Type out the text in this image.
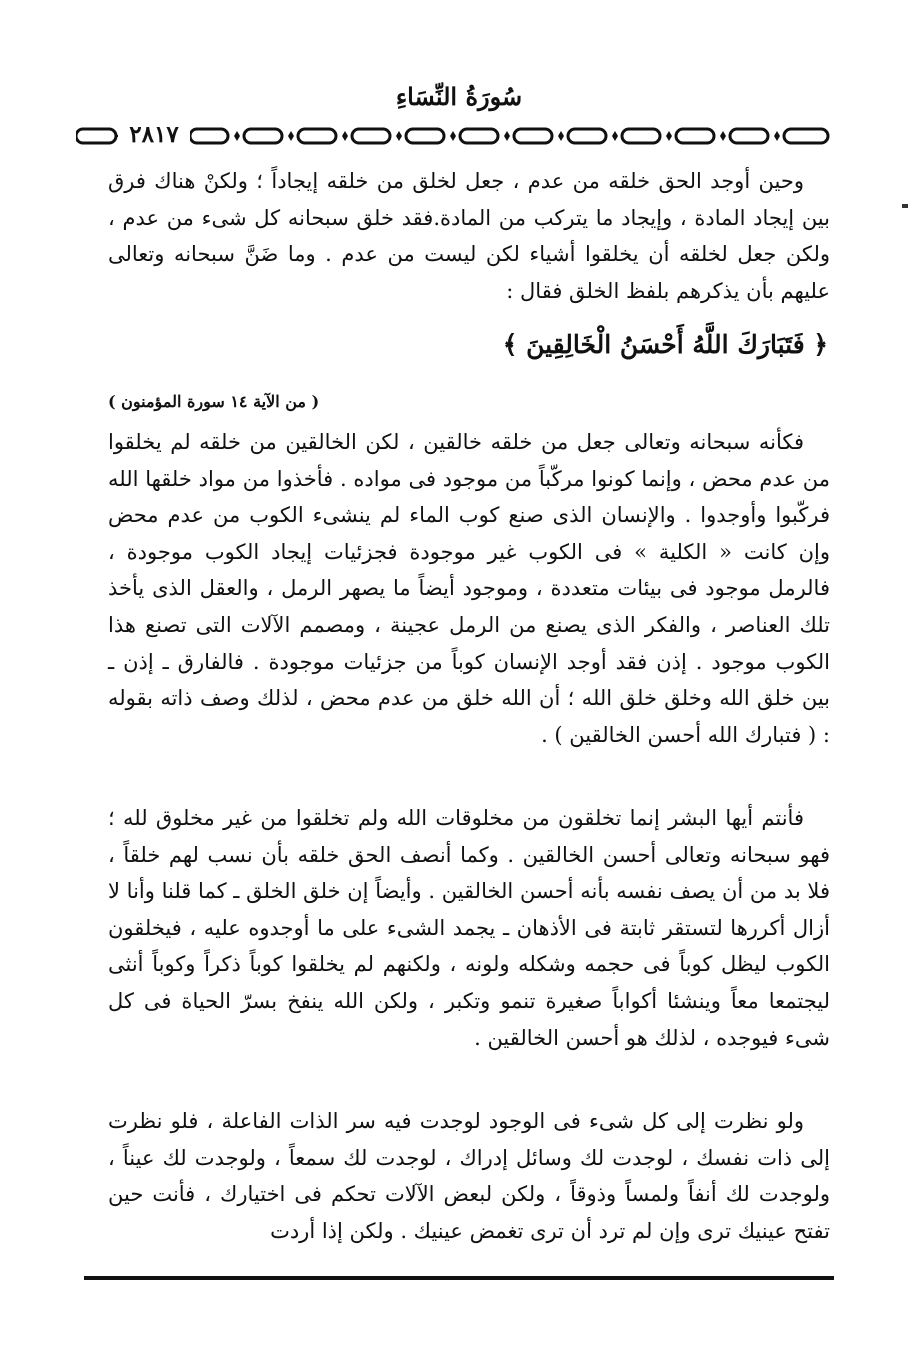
سُورَةُ النِّسَاءِ
٢٨١٧

وحين أوجد الحق خلقه من عدم ، جعل لخلق من خلقه إيجاداً ؛ ولكنْ هناك فرق بين إيجاد المادة ، وإيجاد ما يتركب من المادة.فقد خلق سبحانه كل شىء من عدم ، ولكن جعل لخلقه أن يخلقوا أشياء لكن ليست من عدم . وما ضَنَّ سبحانه وتعالى عليهم بأن يذكرهم بلفظ الخلق فقال :

﴿ فَتَبَارَكَ اللَّهُ أَحْسَنُ الْخَالِقِينَ ﴾
( من الآية ١٤ سورة المؤمنون )

فكأنه سبحانه وتعالى جعل من خلقه خالقين ، لكن الخالقين من خلقه لم يخلقوا من عدم محض ، وإنما كونوا مركّباً من موجود فى مواده . فأخذوا من مواد خلقها الله فركّبوا وأوجدوا . والإنسان الذى صنع كوب الماء لم ينشىء الكوب من عدم محض وإن كانت « الكلية » فى الكوب غير موجودة فجزئيات إيجاد الكوب موجودة ، فالرمل موجود فى بيئات متعددة ، وموجود أيضاً ما يصهر الرمل ، والعقل الذى يأخذ تلك العناصر ، والفكر الذى يصنع من الرمل عجينة ، ومصمم الآلات التى تصنع هذا الكوب موجود . إذن فقد أوجد الإنسان كوباً من جزئيات موجودة . فالفارق ـ إذن ـ بين خلق الله وخلق خلق الله ؛ أن الله خلق من عدم محض ، لذلك وصف ذاته بقوله : ( فتبارك الله أحسن الخالقين ) .

فأنتم أيها البشر إنما تخلقون من مخلوقات الله ولم تخلقوا من غير مخلوق لله ؛ فهو سبحانه وتعالى أحسن الخالقين . وكما أنصف الحق خلقه بأن نسب لهم خلقاً ، فلا بد من أن يصف نفسه بأنه أحسن الخالقين . وأيضاً إن خلق الخلق ـ كما قلنا وأنا لا أزال أكررها لتستقر ثابتة فى الأذهان ـ يجمد الشىء على ما أوجدوه عليه ، فيخلقون الكوب ليظل كوباً فى حجمه وشكله ولونه ، ولكنهم لم يخلقوا كوباً ذكراً وكوباً أنثى ليجتمعا معاً وينشئا أكواباً صغيرة تنمو وتكبر ، ولكن الله ينفخ بسرّ الحياة فى كل شىء فيوجده ، لذلك هو أحسن الخالقين .

ولو نظرت إلى كل شىء فى الوجود لوجدت فيه سر الذات الفاعلة ، فلو نظرت إلى ذات نفسك ، لوجدت لك وسائل إدراك ، لوجدت لك سمعاً ، ولوجدت لك عيناً ، ولوجدت لك أنفاً ولمساً وذوقاً ، ولكن لبعض الآلات تحكم فى اختيارك ، فأنت حين تفتح عينيك ترى وإن لم ترد أن ترى تغمض عينيك . ولكن إذا أردت
